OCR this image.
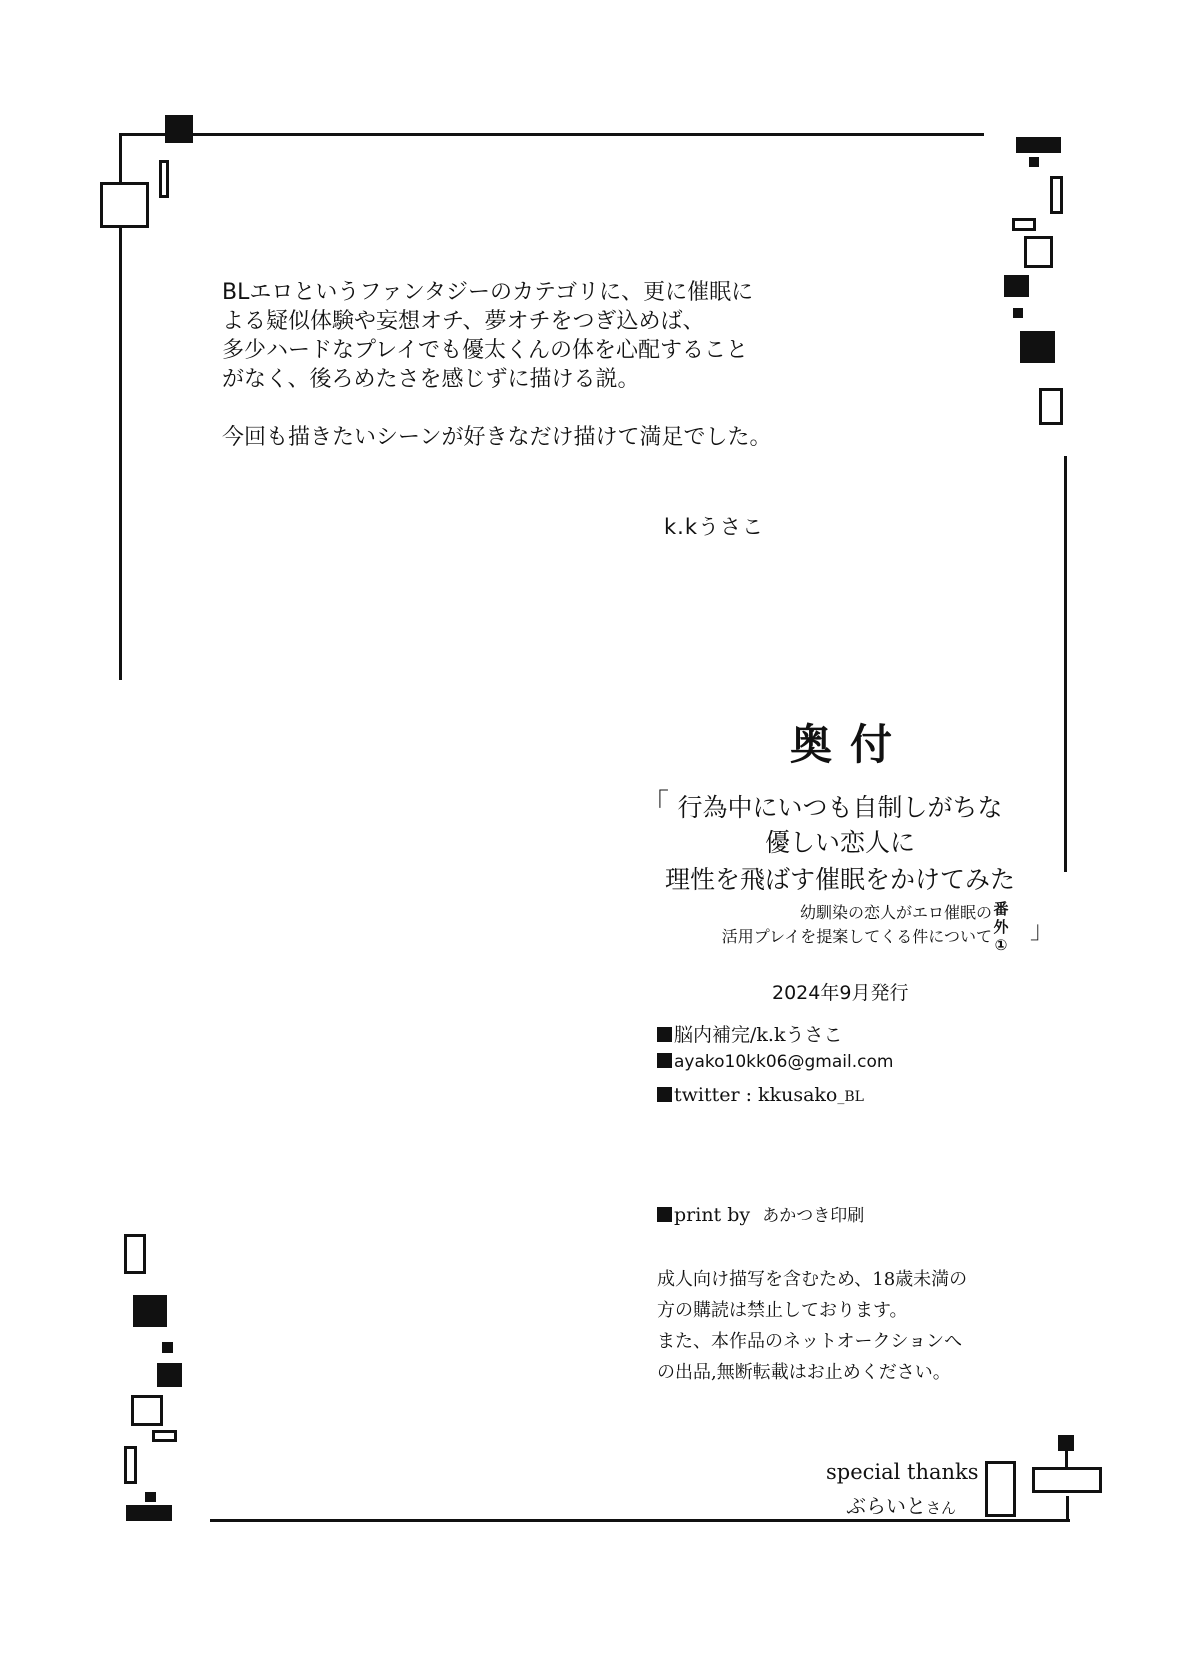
BLエロというファンタジーのカテゴリに、更に催眠に
よる疑似体験や妄想オチ、夢オチをつぎ込めば、
多少ハードなプレイでも優太くんの体を心配すること
がなく、後ろめたさを感じずに描ける説。
今回も描きたいシーンが好きなだけ描けて満足でした。
k.kうさこ
奥付
「 行為中にいつも自制しがちな
優しい恋人に
理性を飛ばす催眠をかけてみた
幼馴染の恋人がエロ催眠の
活用プレイを提案してくる件について
番外①
」
2024年9月発行
脳内補完/k.kうさこ
ayako10kk06@gmail.com
twitter : kkusako_BL
print by あかつき印刷
成人向け描写を含むため、18歳未満の
方の購読は禁止しております。
また、本作品のネットオークションへ
の出品,無断転載はお止めください。
special thanks
ぶらいとさん
